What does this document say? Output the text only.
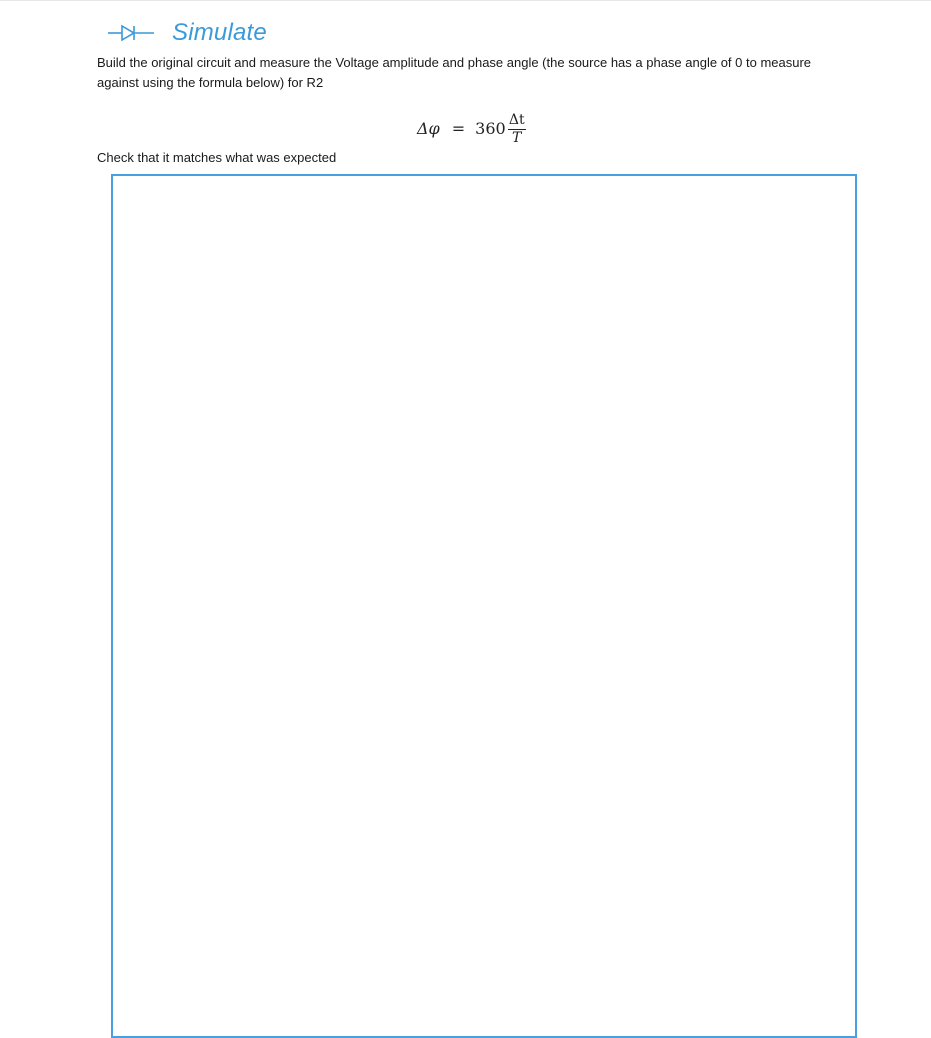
Simulate
Build the original circuit and measure the Voltage amplitude and phase angle (the source has a phase angle of 0 to measure against using the formula below) for R2
$\Delta\varphi = 360 \frac{\Delta t}{T}$
Check that it matches what was expected
